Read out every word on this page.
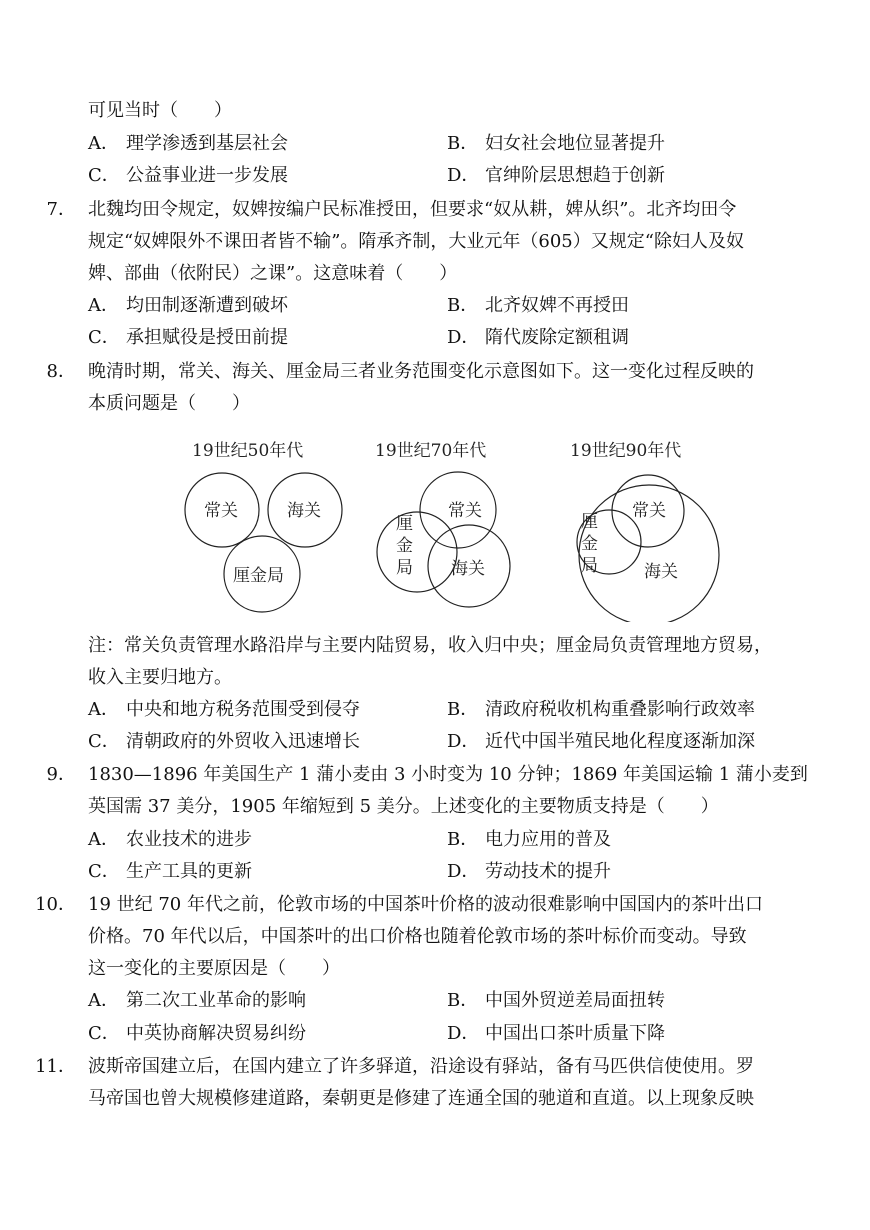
可见当时（　　）
A． 理学渗透到基层社会	B． 妇女社会地位显著提升
C． 公益事业进一步发展	D． 官绅阶层思想趋于创新
7． 北魏均田令规定，奴婢按编户民标准授田，但要求“奴从耕，婢从织”。北齐均田令
规定“奴婢限外不课田者皆不输”。隋承齐制，大业元年（605）又规定“除妇人及奴
婢、部曲（依附民）之课”。这意味着（　　）
A． 均田制逐渐遭到破坏	B． 北齐奴婢不再授田
C． 承担赋役是授田前提	D． 隋代废除定额租调
8． 晚清时期，常关、海关、厘金局三者业务范围变化示意图如下。这一变化过程反映的
本质问题是（　　）
19世纪50年代	19世纪70年代	19世纪90年代
常关	海关
厘金局
厘
金
局
常关
海关
厘
金
局
常关
海关
注：常关负责管理水路沿岸与主要内陆贸易，收入归中央；厘金局负责管理地方贸易，
收入主要归地方。
A． 中央和地方税务范围受到侵夺	B． 清政府税收机构重叠影响行政效率
C． 清朝政府的外贸收入迅速增长	D． 近代中国半殖民地化程度逐渐加深
9． 1830—1896 年美国生产 1 蒲小麦由 3 小时变为 10 分钟；1869 年美国运输 1 蒲小麦到
英国需 37 美分，1905 年缩短到 5 美分。上述变化的主要物质支持是（　　）
A． 农业技术的进步	B． 电力应用的普及
C． 生产工具的更新	D． 劳动技术的提升
10． 19 世纪 70 年代之前，伦敦市场的中国茶叶价格的波动很难影响中国国内的茶叶出口
价格。70 年代以后，中国茶叶的出口价格也随着伦敦市场的茶叶标价而变动。导致
这一变化的主要原因是（　　）
A． 第二次工业革命的影响	B． 中国外贸逆差局面扭转
C． 中英协商解决贸易纠纷	D． 中国出口茶叶质量下降
11． 波斯帝国建立后，在国内建立了许多驿道，沿途设有驿站，备有马匹供信使使用。罗
马帝国也曾大规模修建道路，秦朝更是修建了连通全国的驰道和直道。以上现象反映
